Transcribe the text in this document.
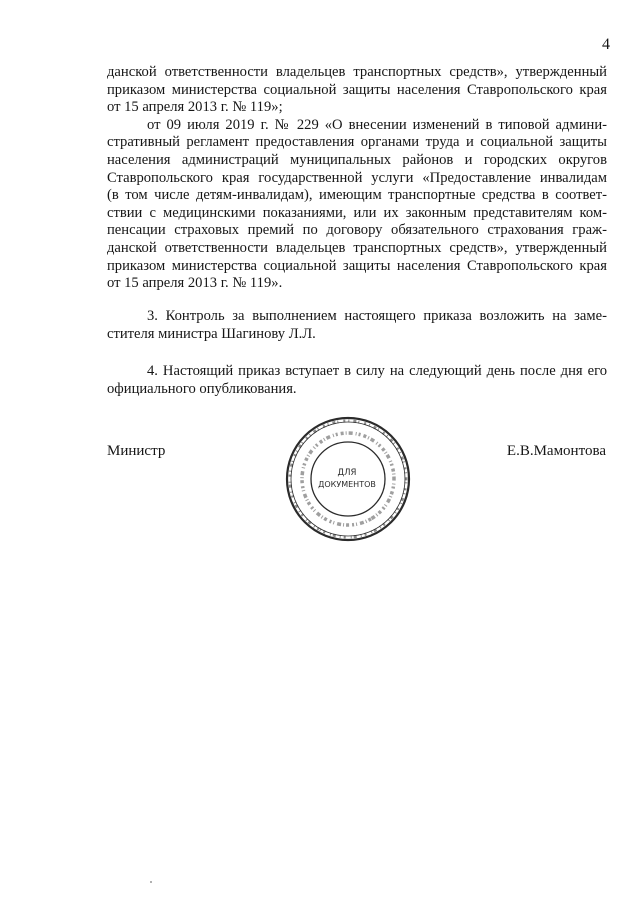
4
данской ответственности владельцев транспортных средств», утвержденный
приказом министерства социальной защиты населения Ставропольского края
от 15 апреля 2013 г. № 119»;
от 09 июля 2019 г. № 229 «О внесении изменений в типовой админи-
стративный регламент предоставления органами труда и социальной защиты
населения администраций муниципальных районов и городских округов
Ставропольского края государственной услуги «Предоставление инвалидам
(в том числе детям-инвалидам), имеющим транспортные средства в соответ-
ствии с медицинскими показаниями, или их законным представителям ком-
пенсации страховых премий по договору обязательного страхования граж-
данской ответственности владельцев транспортных средств», утвержденный
приказом министерства социальной защиты населения Ставропольского края
от 15 апреля 2013 г. № 119».
3. Контроль за выполнением настоящего приказа возложить на заме-
стителя министра Шагинову Л.Л.
4. Настоящий приказ вступает в силу на следующий день после дня его
официального опубликования.
Министр	Е.В.Мамонтова
ДЛЯ
ДОКУМЕНТОВ
